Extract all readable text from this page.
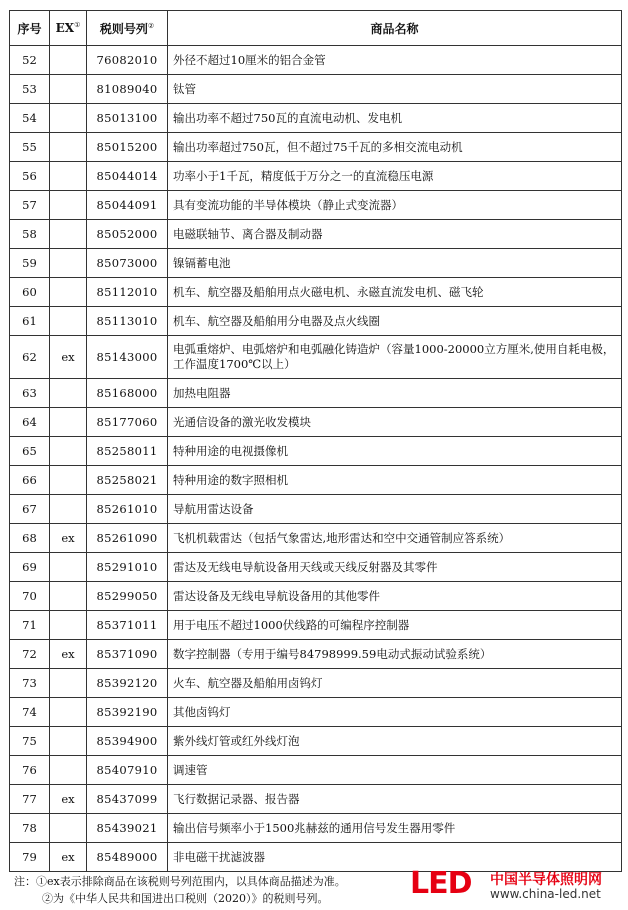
序号	EX①	税则号列②	商品名称
52		76082010	外径不超过10厘米的铝合金管
53		81089040	钛管
54		85013100	输出功率不超过750瓦的直流电动机、发电机
55		85015200	输出功率超过750瓦，但不超过75千瓦的多相交流电动机
56		85044014	功率小于1千瓦，精度低于万分之一的直流稳压电源
57		85044091	具有变流功能的半导体模块（静止式变流器）
58		85052000	电磁联轴节、离合器及制动器
59		85073000	镍镉蓄电池
60		85112010	机车、航空器及船舶用点火磁电机、永磁直流发电机、磁飞轮
61		85113010	机车、航空器及船舶用分电器及点火线圈
62	ex	85143000	电弧重熔炉、电弧熔炉和电弧融化铸造炉（容量1000-20000立方厘米,使用自耗电极，工作温度1700℃以上）
63		85168000	加热电阻器
64		85177060	光通信设备的激光收发模块
65		85258011	特种用途的电视摄像机
66		85258021	特种用途的数字照相机
67		85261010	导航用雷达设备
68	ex	85261090	飞机机载雷达（包括气象雷达,地形雷达和空中交通管制应答系统）
69		85291010	雷达及无线电导航设备用天线或天线反射器及其零件
70		85299050	雷达设备及无线电导航设备用的其他零件
71		85371011	用于电压不超过1000伏线路的可编程序控制器
72	ex	85371090	数字控制器（专用于编号84798999.59电动式振动试验系统）
73		85392120	火车、航空器及船舶用卤钨灯
74		85392190	其他卤钨灯
75		85394900	紫外线灯管或红外线灯泡
76		85407910	调速管
77	ex	85437099	飞行数据记录器、报告器
78		85439021	输出信号频率小于1500兆赫兹的通用信号发生器用零件
79	ex	85489000	非电磁干扰滤波器
注：①ex表示排除商品在该税则号列范围内，以具体商品描述为准。
②为《中华人民共和国进出口税则（2020）》的税则号列。	LED 中国半导体照明网
www.china-led.net
